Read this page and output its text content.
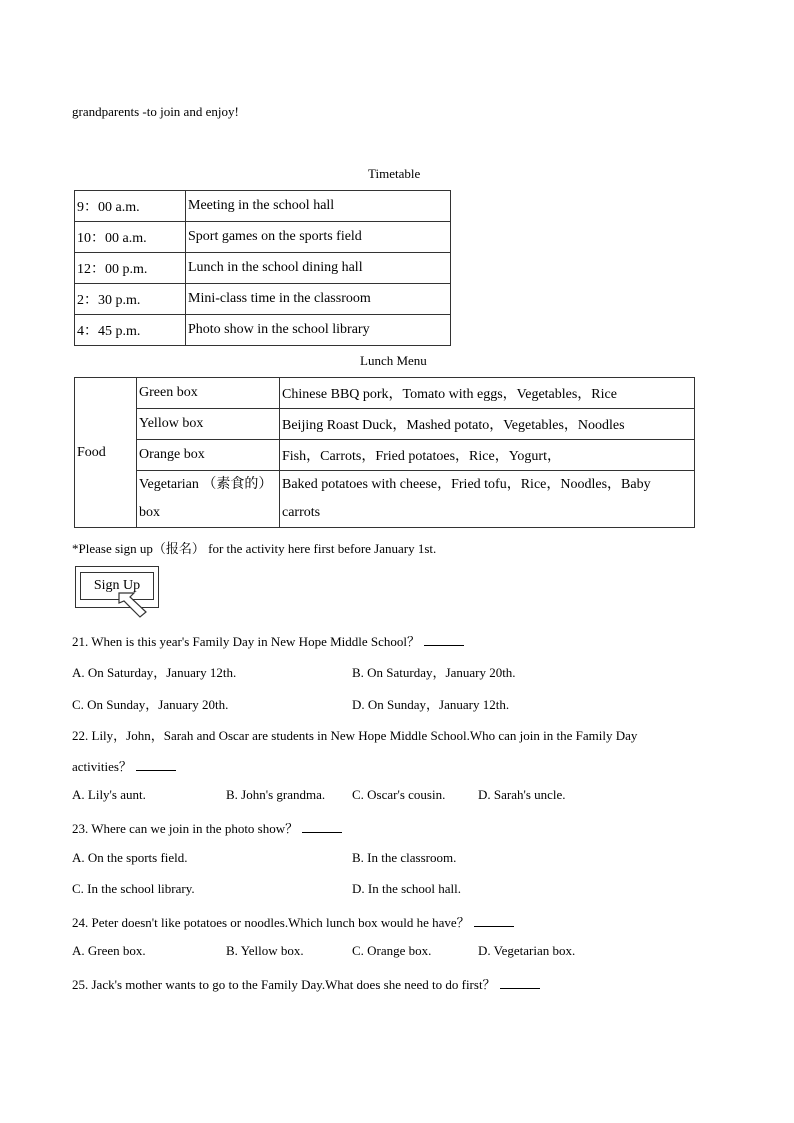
grandparents -to join and enjoy!
Timetable
9：00 a.m.	Meeting in the school hall
10：00 a.m.	Sport games on the sports field
12：00 p.m.	Lunch in the school dining hall
2：30 p.m.	Mini-class time in the classroom
4：45 p.m.	Photo show in the school library
Lunch Menu
Food	Green box	Chinese BBQ pork，Tomato with eggs，Vegetables，Rice
	Yellow box	Beijing Roast Duck，Mashed potato，Vegetables，Noodles
	Orange box	Fish，Carrots，Fried potatoes，Rice，Yogurt，
	Vegetarian （素食的） box	Baked potatoes with cheese，Fried tofu，Rice，Noodles，Baby carrots
*Please sign up（报名） for the activity here first before January 1st.
Sign Up
21. When is this year's Family Day in New Hope Middle School？
A. On Saturday，January 12th.	B. On Saturday，January 20th.
C. On Sunday，January 20th.	D. On Sunday，January 12th.
22. Lily，John，Sarah and Oscar are students in New Hope Middle School.Who can join in the Family Day
activities？
A. Lily's aunt.	B. John's grandma. C. Oscar's cousin.	D. Sarah's uncle.
23. Where can we join in the photo show？
A. On the sports field.	B. In the classroom.
C. In the school library.	D. In the school hall.
24. Peter doesn't like potatoes or noodles.Which lunch box would he have？
A. Green box.	B. Yellow box.	C. Orange box.	D. Vegetarian box.
25. Jack's mother wants to go to the Family Day.What does she need to do first？
